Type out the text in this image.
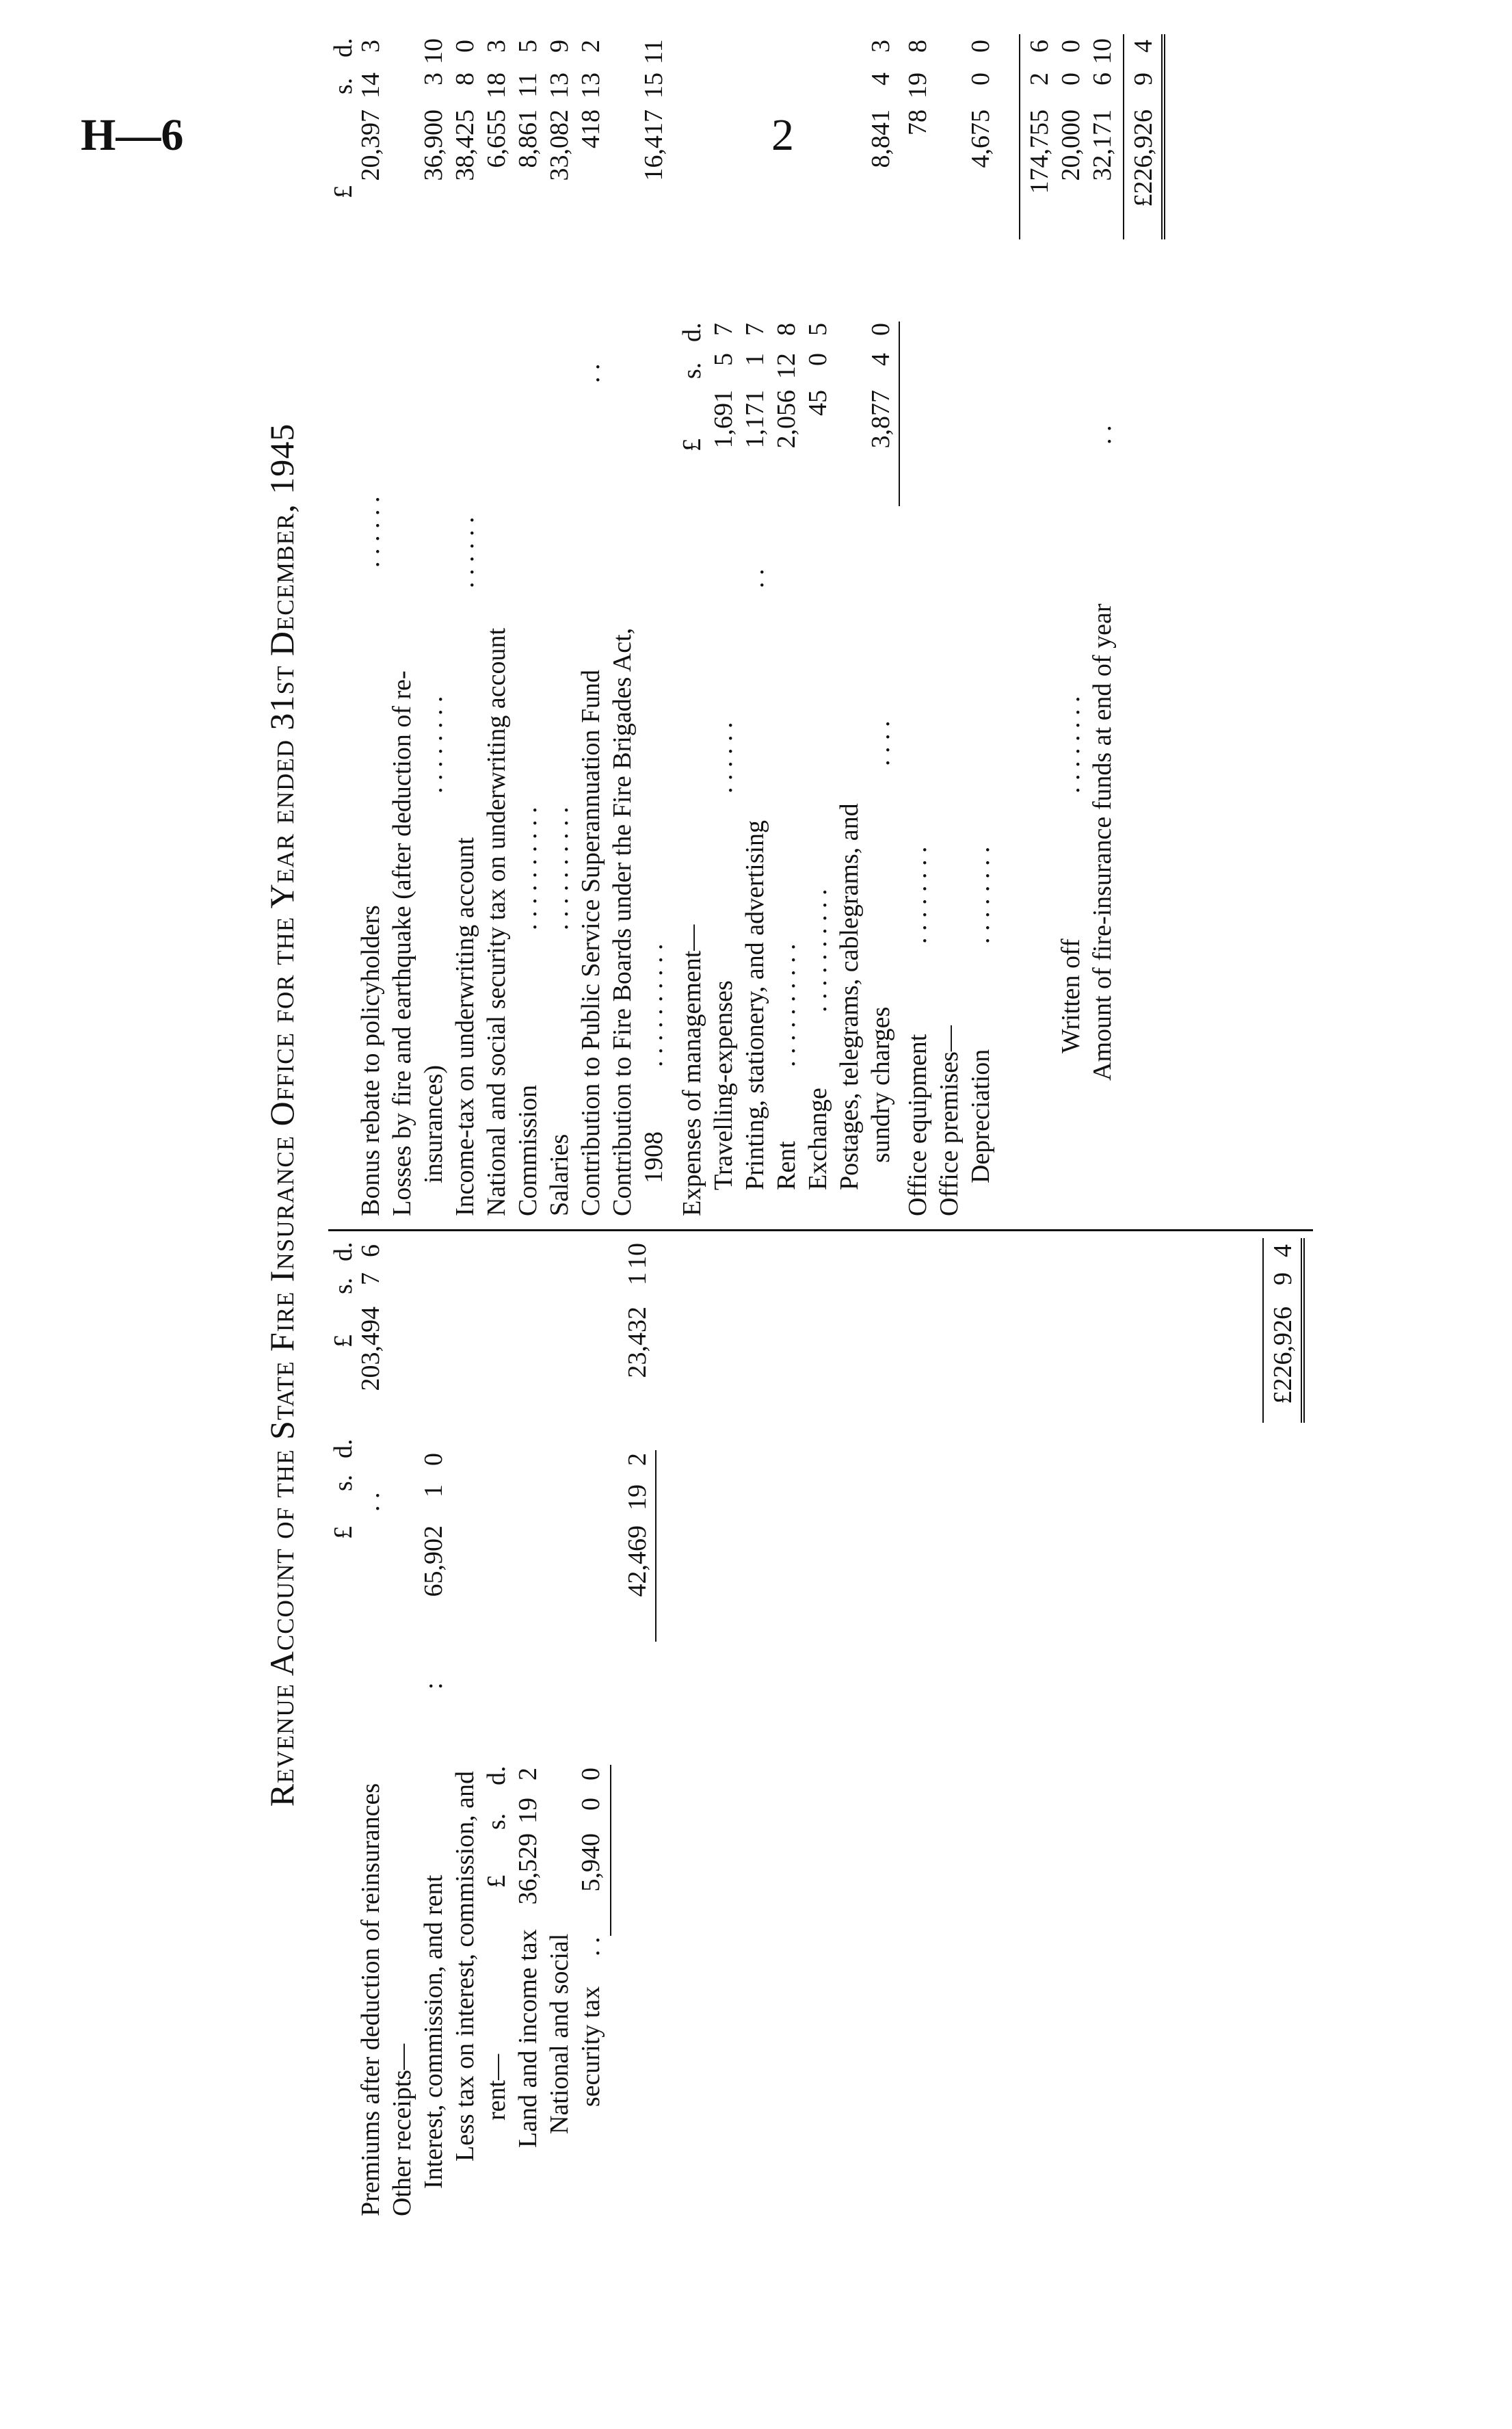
H—6	2
Revenue Account of the State Fire Insurance Office for the Year ended 31st December, 1945 £
s.
d.
£
s.
d.
Premiums after deduction of reinsurances
. .
203,494
7
6
Other receipts— Interest, commission, and rent
:
65,902
1
0
Less tax on interest, commission, and rent—
£
s.
d.
Land and income tax
36,529
19
2
National and social security tax
. .
5,940
0
0
42,469
19
2
23,432
1
10
£226,926
9
4
£
s.
d.
Bonus rebate to policyholders
. . . . . .
20,397
14
3
Losses by fire and earthquake (after deduction of re- insurances)
. . . . . . . .
36,900
3
10
Income-tax on underwriting account
. . . . . .
38,425
8
0
National and social security tax on underwriting account
6,655
18
3
Commission
. . . . . . . . . .
8,861
11
5
Salaries
. . . . . . . . . .
33,082
13
9
Contribution to Public Service Superannuation Fund
. .
418
13
2
Contribution to Fire Boards under the Fire Brigades Act, 1908
. . . . . . . . . .
16,417
15
11
Expenses of management—
£
s.
d.
Travelling-expenses
. . . . . .
1,691
5
7
Printing, stationery, and advertising
. .
1,171
1
7
Rent
. . . . . . . . . .
2,056
12
8
Exchange
. . . . . . . . . .
45
0
5
Postages, telegrams, cablegrams, and sundry charges
. . . .
3,877
4
0
8,841
4
3
Office equipment
. . . . . . . .
78
19
8
Office premises— Depreciation
. . . . . . . .
4,675
0
0
174,755
2
6
Written off
. . . . . . . .
20,000
0
0
Amount of fire-insurance funds at end of year
. .
32,171
6
10
£226,926
9
4
